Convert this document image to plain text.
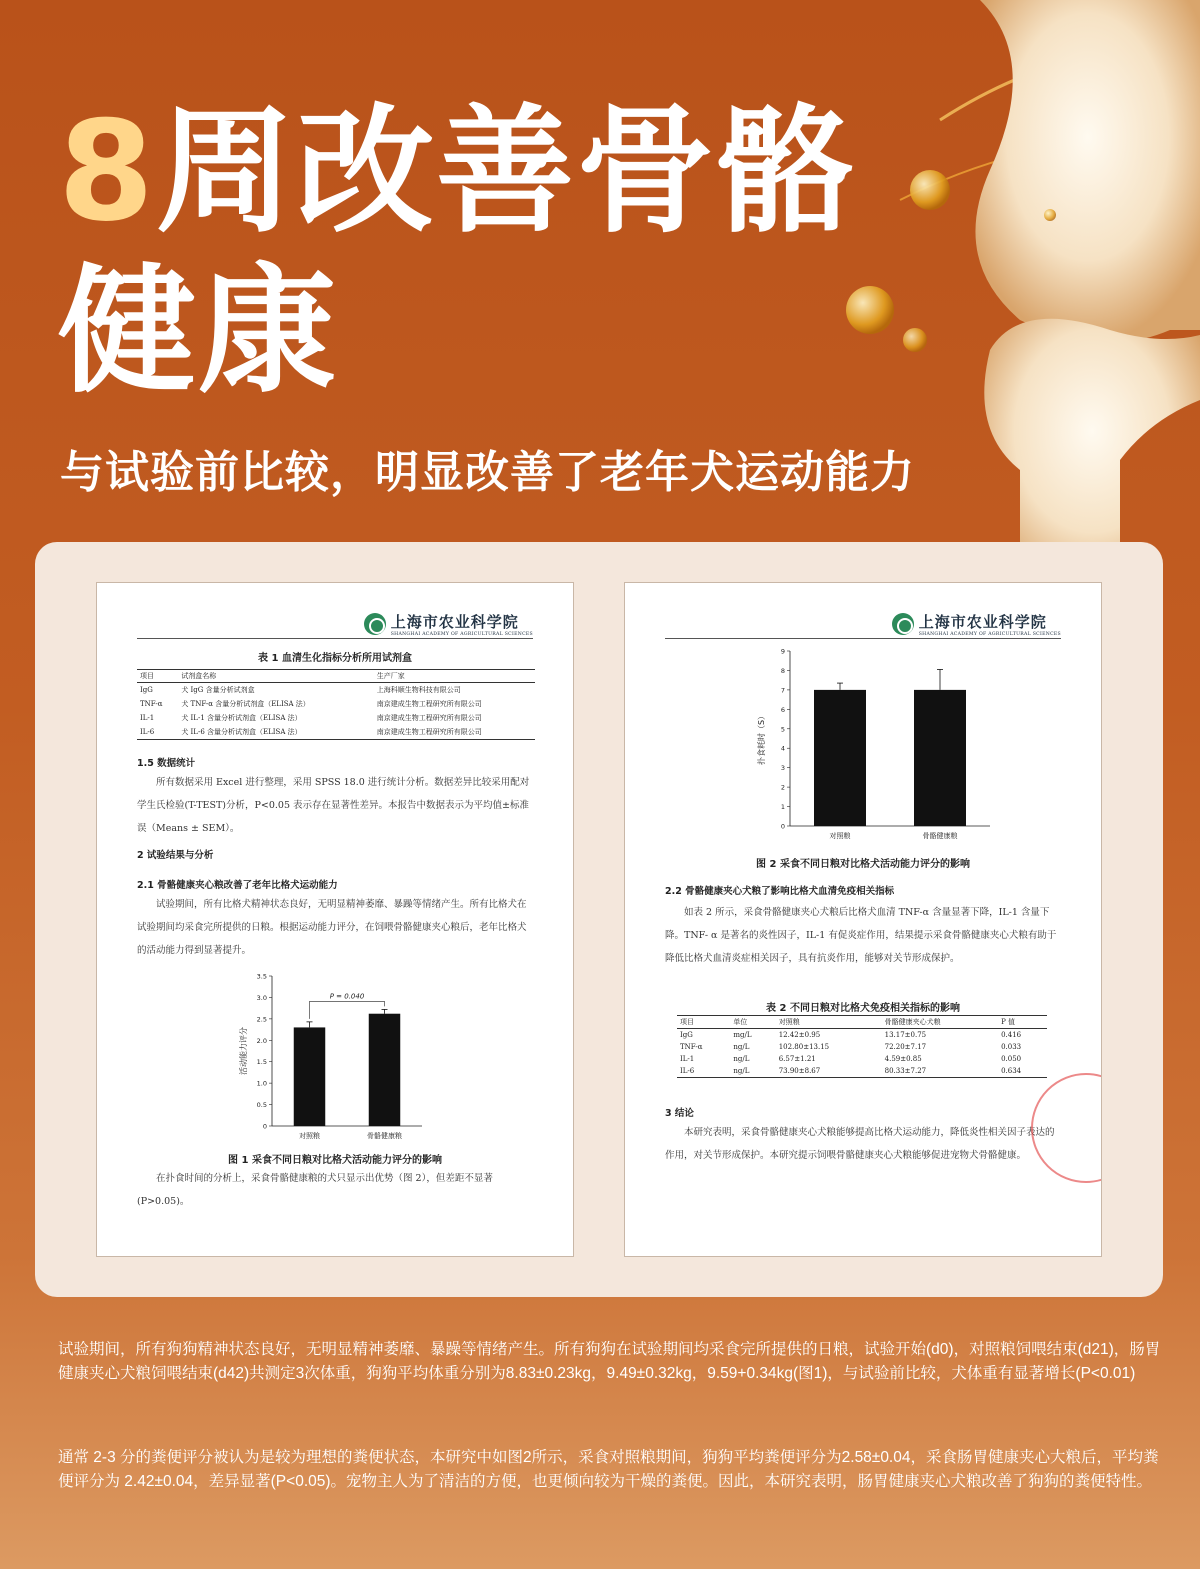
8周改善骨骼
健康
与试验前比较，明显改善了老年犬运动能力
上海市农业科学院
SHANGHAI ACADEMY OF AGRICULTURAL SCIENCES
表 1 血清生化指标分析所用试剂盒
项目	试剂盒名称	生产厂家
IgG	犬 IgG 含量分析试剂盒	上海科顺生物科技有限公司
TNF-α	犬 TNF-α 含量分析试剂盒（ELISA 法）	南京建成生物工程研究所有限公司
IL-1	犬 IL-1 含量分析试剂盒（ELISA 法）	南京建成生物工程研究所有限公司
IL-6	犬 IL-6 含量分析试剂盒（ELISA 法）	南京建成生物工程研究所有限公司
1.5 数据统计
所有数据采用 Excel 进行整理，采用 SPSS 18.0 进行统计分析。数据差异比较采用配对学生氏检验(T-TEST)分析，P<0.05 表示存在显著性差异。本报告中数据表示为平均值±标准误（Means ± SEM）。
2 试验结果与分析
2.1 骨骼健康夹心粮改善了老年比格犬运动能力
试验期间，所有比格犬精神状态良好，无明显精神萎靡、暴躁等情绪产生。所有比格犬在试验期间均采食完所提供的日粮。根据运动能力评分，在饲喂骨骼健康夹心粮后，老年比格犬的活动能力得到显著提升。
0
0.5
1.0
1.5
2.0
2.5
3.0
3.5
活动能力评分
对照粮	骨骼健康粮
P = 0.040
图 1 采食不同日粮对比格犬活动能力评分的影响
在扑食时间的分析上，采食骨骼健康粮的犬只显示出优势（图 2），但差距不显著(P>0.05)。
上海市农业科学院
SHANGHAI ACADEMY OF AGRICULTURAL SCIENCES
0
1
2
3
4
5
6
7
8
9
扑食耗时（S）
对照粮	骨骼健康粮
图 2 采食不同日粮对比格犬活动能力评分的影响
2.2 骨骼健康夹心犬粮了影响比格犬血清免疫相关指标
如表 2 所示，采食骨骼健康夹心犬粮后比格犬血清 TNF-α 含量显著下降，IL-1 含量下降。TNF- α 是著名的炎性因子，IL-1 有促炎症作用，结果提示采食骨骼健康夹心犬粮有助于降低比格犬血清炎症相关因子，具有抗炎作用，能够对关节形成保护。
表 2 不同日粮对比格犬免疫相关指标的影响
项目	单位	对照粮	骨骼健康夹心犬粮	P 值
IgG	mg/L	12.42±0.95	13.17±0.75	0.416
TNF-α	ng/L	102.80±13.15	72.20±7.17	0.033
IL-1	ng/L	6.57±1.21	4.59±0.85	0.050
IL-6	ng/L	73.90±8.67	80.33±7.27	0.634
3 结论
本研究表明，采食骨骼健康夹心犬粮能够提高比格犬运动能力，降低炎性相关因子表达的作用，对关节形成保护。本研究提示饲喂骨骼健康夹心犬粮能够促进宠物犬骨骼健康。
试验期间，所有狗狗精神状态良好，无明显精神萎靡、暴躁等情绪产生。所有狗狗在试验期间均采食完所提供的日粮，试验开始(d0)，对照粮饲喂结束(d21)，肠胃健康夹心犬粮饲喂结束(d42)共测定3次体重，狗狗平均体重分别为8.83±0.23kg，9.49±0.32kg，9.59+0.34kg(图1)，与试验前比较，犬体重有显著增长(P<0.01)
通常 2-3 分的粪便评分被认为是较为理想的粪便状态，本研究中如图2所示，采食对照粮期间，狗狗平均粪便评分为2.58±0.04，采食肠胃健康夹心大粮后，平均粪便评分为 2.42±0.04，差异显著(P<0.05)。宠物主人为了清洁的方便，也更倾向较为干燥的粪便。因此，本研究表明，肠胃健康夹心犬粮改善了狗狗的粪便特性。
